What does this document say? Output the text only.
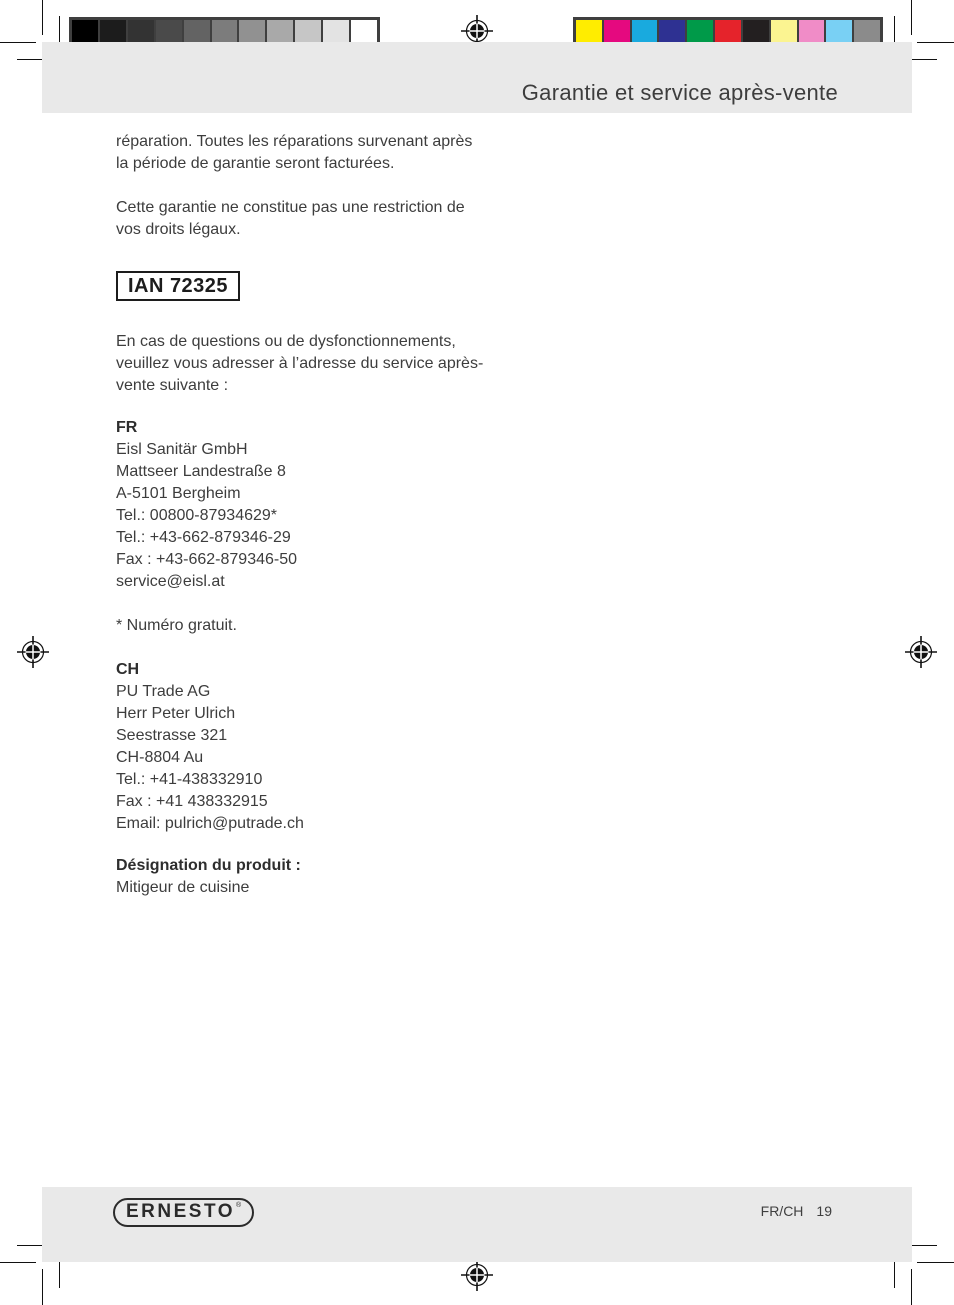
Garantie et service après-vente

réparation. Toutes les réparations survenant après
la période de garantie seront facturées.

Cette garantie ne constitue pas une restriction de
vos droits légaux.

IAN 72325

En cas de questions ou de dysfonctionnements,
veuillez vous adresser à l’adresse du service après-
vente suivante :

FR
Eisl Sanitär GmbH
Mattseer Landestraße 8
A-5101 Bergheim
Tel.: 00800-87934629*
Tel.: +43-662-879346-29
Fax : +43-662-879346-50
service@eisl.at
* Numéro gratuit.
CH
PU Trade AG
Herr Peter Ulrich
Seestrasse 321
CH-8804 Au
Tel.: +41-438332910
Fax : +41 438332915
Email: pulrich@putrade.ch
Désignation du produit :
Mitigeur de cuisine
ERNESTO ®	FR/CH 19
